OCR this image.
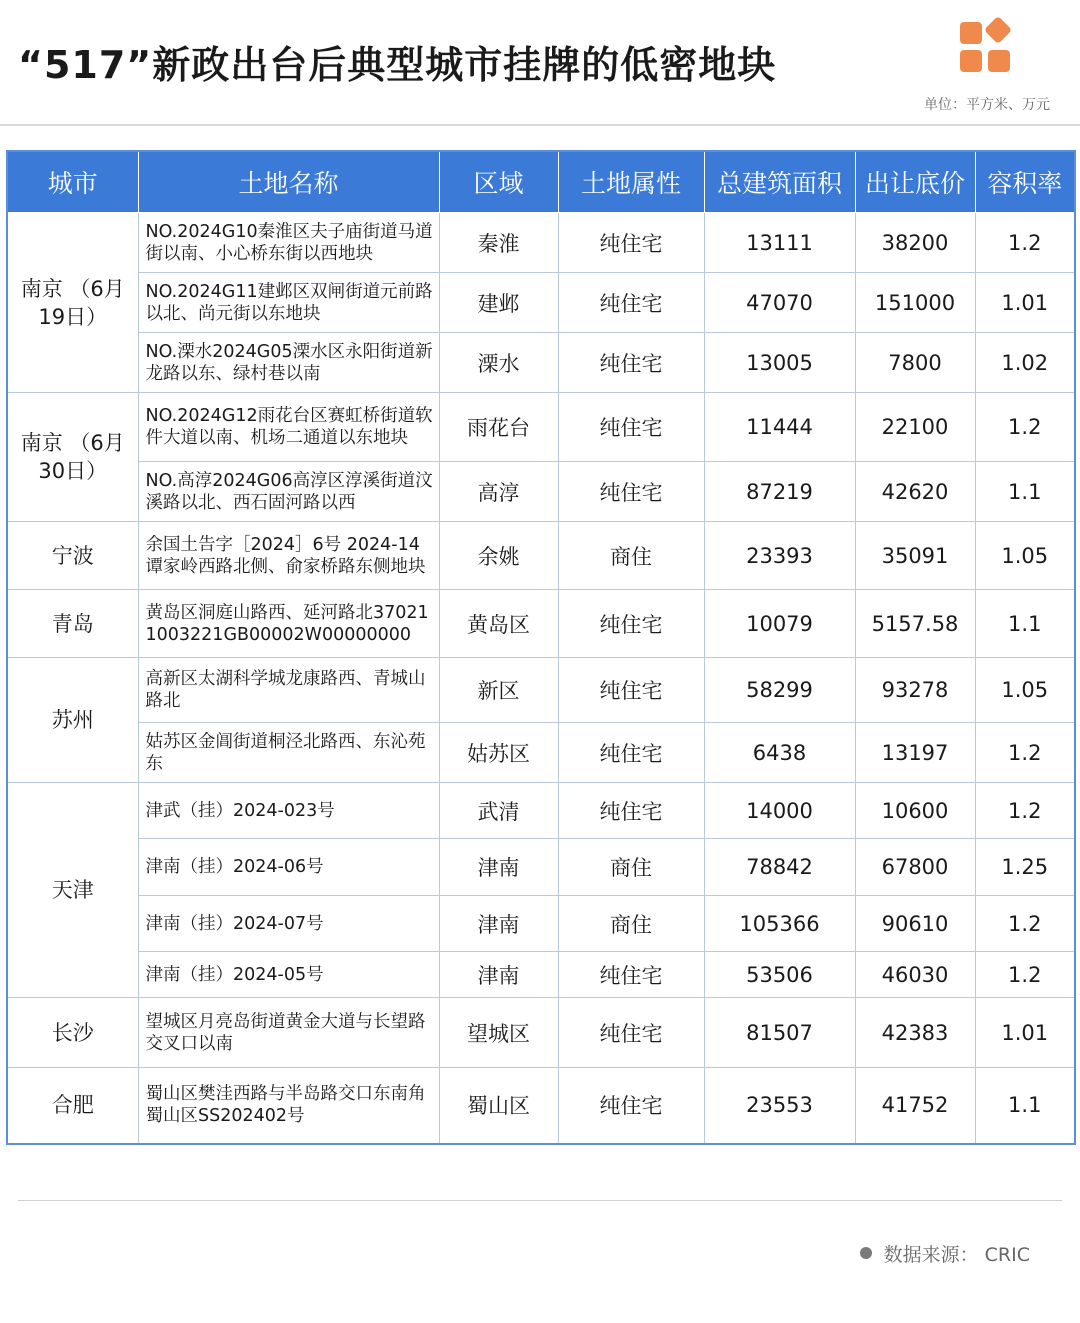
“517”新政出台后典型城市挂牌的低密地块
单位：平方米、万元
城市	土地名称	区域	土地属性	总建筑面积	出让底价	容积率
南京 （6月19日）	NO.2024G10秦淮区夫子庙街道马道街以南、小心桥东街以西地块	秦淮	纯住宅	13111	38200	1.2
	NO.2024G11建邺区双闸街道元前路以北、尚元街以东地块	建邺	纯住宅	47070	151000	1.01
	NO.溧水2024G05溧水区永阳街道新龙路以东、绿村巷以南	溧水	纯住宅	13005	7800	1.02
南京 （6月30日）	NO.2024G12雨花台区赛虹桥街道软件大道以南、机场二通道以东地块	雨花台	纯住宅	11444	22100	1.2
	NO.高淳2024G06高淳区淳溪街道汶溪路以北、西石固河路以西	高淳	纯住宅	87219	42620	1.1
宁波	余国土告字［2024］6号 2024-14谭家岭西路北侧、俞家桥路东侧地块	余姚	商住	23393	35091	1.05
青岛	黄岛区洞庭山路西、延河路北370211003221GB00002W00000000	黄岛区	纯住宅	10079	5157.58	1.1
苏州	高新区太湖科学城龙康路西、青城山路北	新区	纯住宅	58299	93278	1.05
	姑苏区金阊街道桐泾北路西、东沁苑东	姑苏区	纯住宅	6438	13197	1.2
天津	津武（挂）2024-023号	武清	纯住宅	14000	10600	1.2
	津南（挂）2024-06号	津南	商住	78842	67800	1.25
	津南（挂）2024-07号	津南	商住	105366	90610	1.2
	津南（挂）2024-05号	津南	纯住宅	53506	46030	1.2
长沙	望城区月亮岛街道黄金大道与长望路交叉口以南	望城区	纯住宅	81507	42383	1.01
合肥	蜀山区樊洼西路与半岛路交口东南角蜀山区SS202402号	蜀山区	纯住宅	23553	41752	1.1
数据来源： CRIC
